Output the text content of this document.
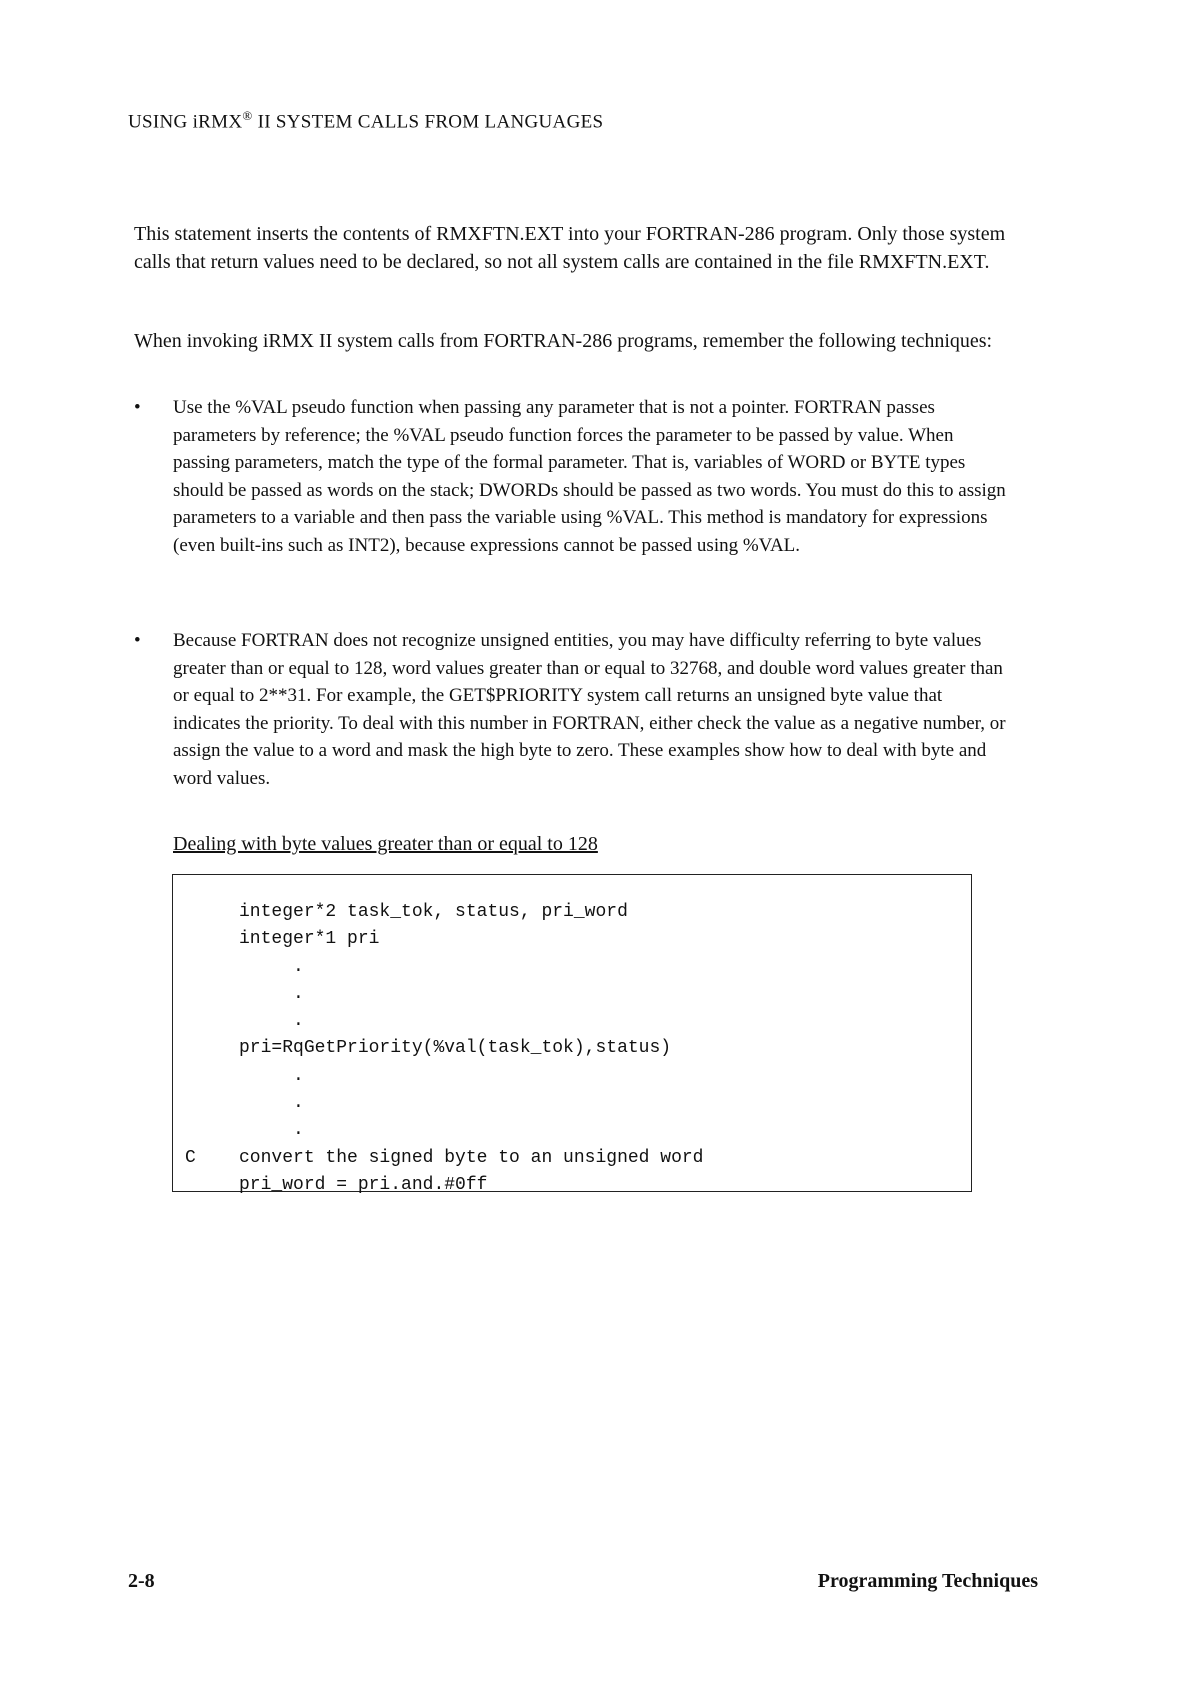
USING iRMX® II SYSTEM CALLS FROM LANGUAGES

This statement inserts the contents of RMXFTN.EXT into your FORTRAN-286 program. Only those system calls that return values need to be declared, so not all system calls are contained in the file RMXFTN.EXT.

When invoking iRMX II system calls from FORTRAN-286 programs, remember the following techniques:

•	Use the %VAL pseudo function when passing any parameter that is not a pointer. FORTRAN passes parameters by reference; the %VAL pseudo function forces the parameter to be passed by value. When passing parameters, match the type of the formal parameter. That is, variables of WORD or BYTE types should be passed as words on the stack; DWORDs should be passed as two words. You must do this to assign parameters to a variable and then pass the variable using %VAL. This method is mandatory for expressions (even built-ins such as INT2), because expressions cannot be passed using %VAL.

•	Because FORTRAN does not recognize unsigned entities, you may have difficulty referring to byte values greater than or equal to 128, word values greater than or equal to 32768, and double word values greater than or equal to 2**31. For example, the GET$PRIORITY system call returns an unsigned byte value that indicates the priority. To deal with this number in FORTRAN, either check the value as a negative number, or assign the value to a word and mask the high byte to zero. These examples show how to deal with byte and word values.

Dealing with byte values greater than or equal to 128
integer*2 task_tok, status, pri_word
integer*1 pri
.
.
.
pri=RqGetPriority(%val(task_tok),status)
.
.
.
C    convert the signed byte to an unsigned word
pri_word = pri.and.#0ff
2-8	Programming Techniques
